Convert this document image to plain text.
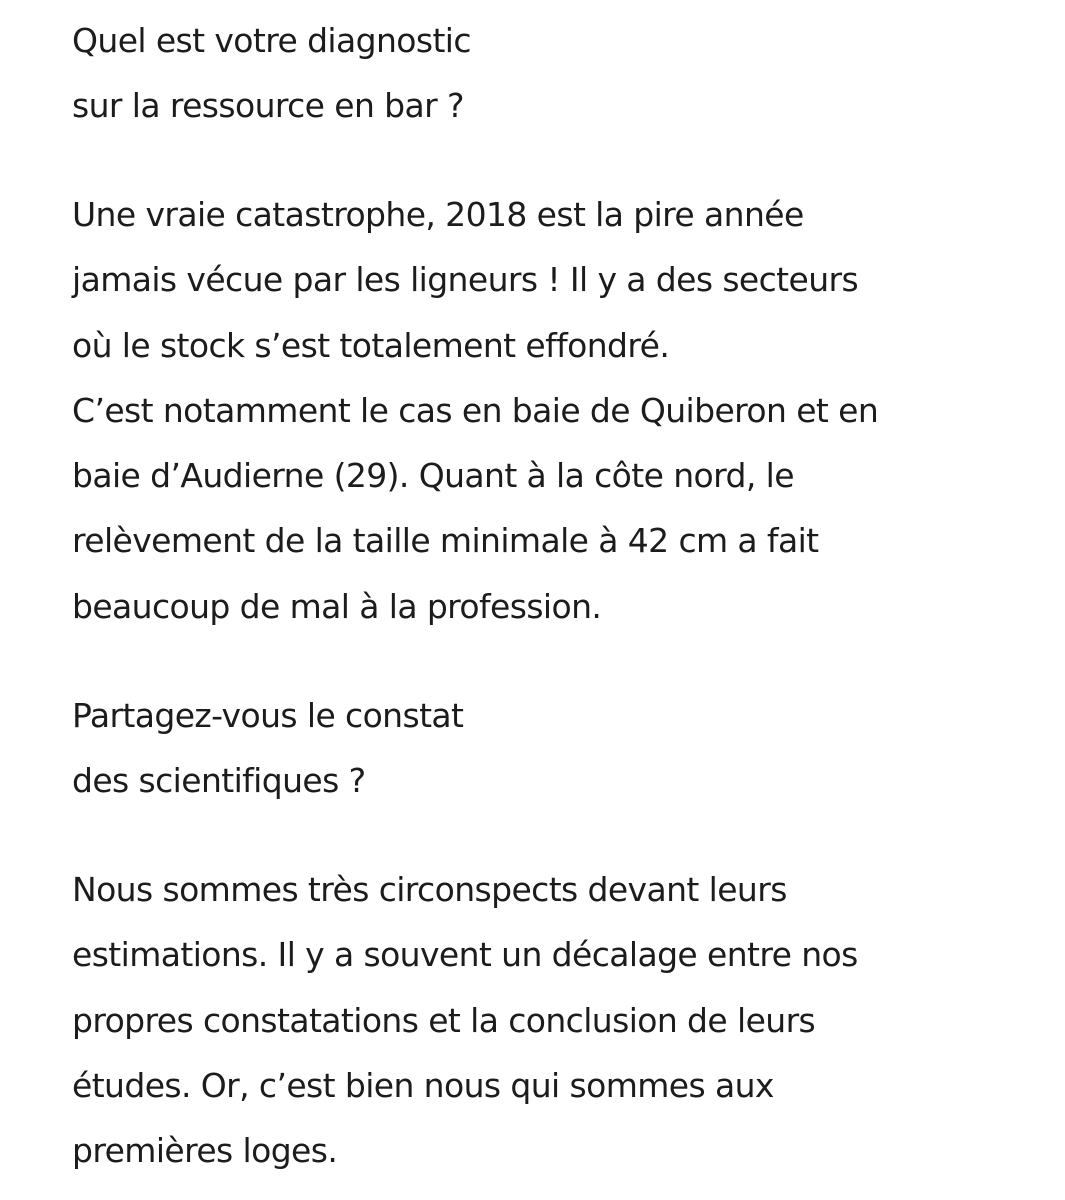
Quel est votre diagnostic

sur la ressource en bar ?

Une vraie catastrophe, 2018 est la pire année

jamais vécue par les ligneurs ! Il y a des secteurs

où le stock s’est totalement effondré.

C’est notamment le cas en baie de Quiberon et en

baie d’Audierne (29). Quant à la côte nord, le

relèvement de la taille minimale à 42 cm a fait

beaucoup de mal à la profession.

Partagez-vous le constat

des scientifiques ?

Nous sommes très circonspects devant leurs

estimations. Il y a souvent un décalage entre nos

propres constatations et la conclusion de leurs

études. Or, c’est bien nous qui sommes aux

premières loges.
